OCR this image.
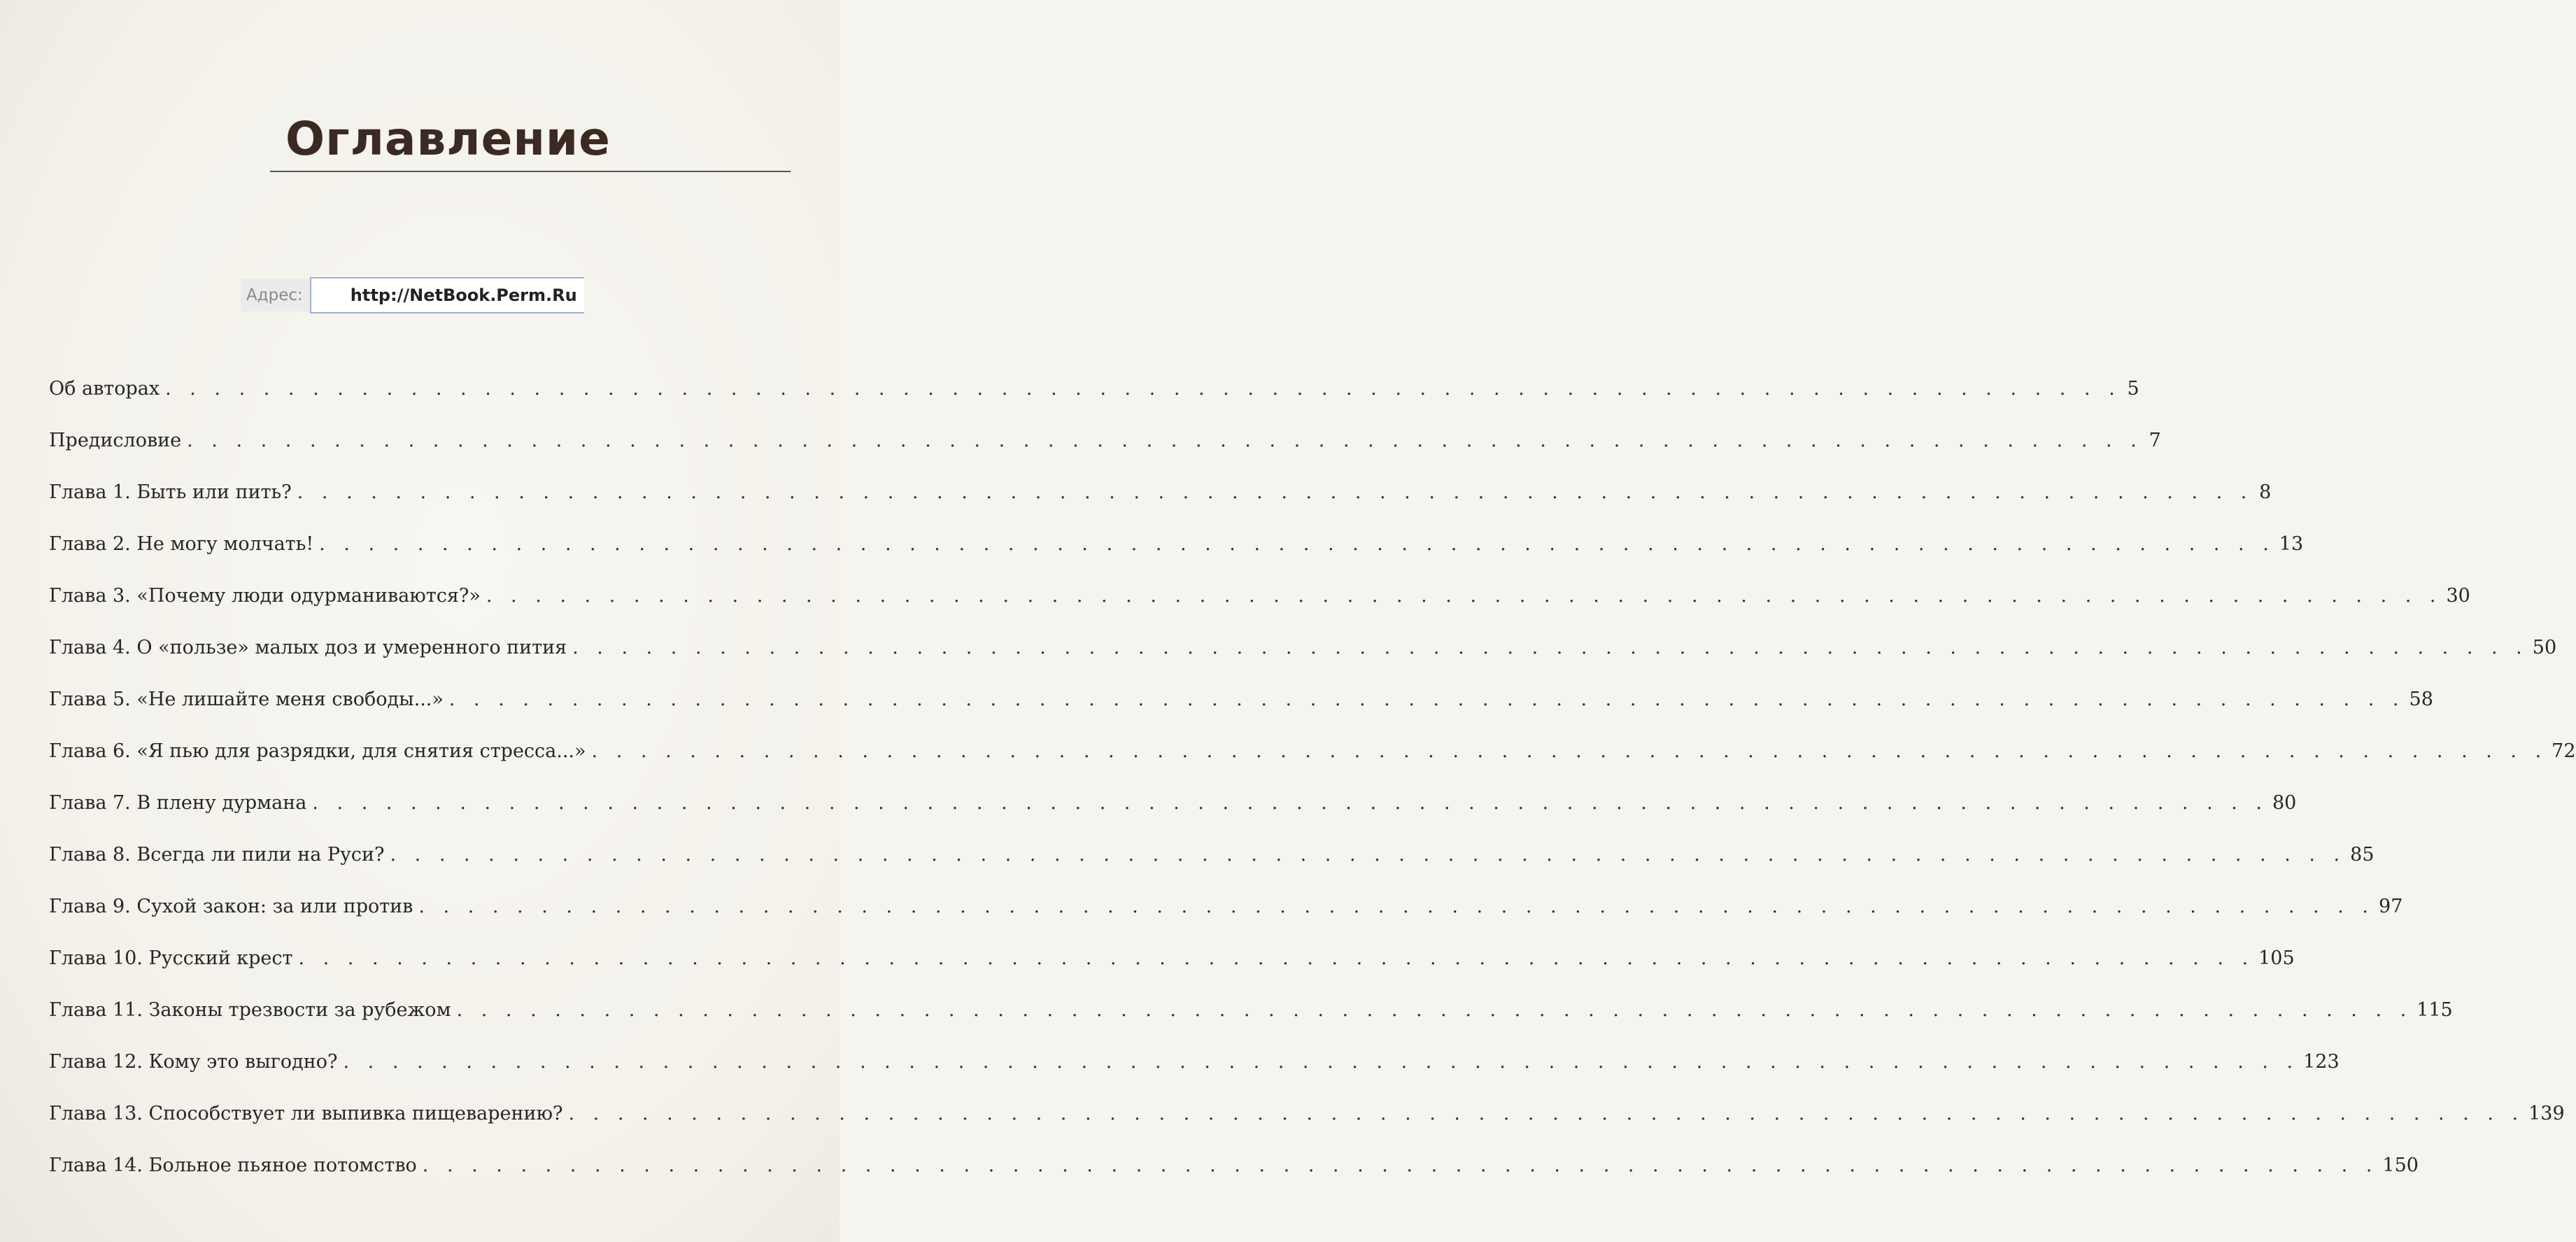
Оглавление
Адрес:	http://NetBook.Perm.Ru
Об авторах . . . . . . . . . . . . . . . . . . . . . . . . . . . . . . . . . . . . . . . . . . . . . . . . . . . . . . . . . . . . . . . . . . . . . . . . . . . . . . . . 5
Предисловие . . . . . . . . . . . . . . . . . . . . . . . . . . . . . . . . . . . . . . . . . . . . . . . . . . . . . . . . . . . . . . . . . . . . . . . . . . . . . . . . 7
Глава 1. Быть или пить? . . . . . . . . . . . . . . . . . . . . . . . . . . . . . . . . . . . . . . . . . . . . . . . . . . . . . . . . . . . . . . . . . . . . . . . . . . . . . . . . 8
Глава 2. Не могу молчать! . . . . . . . . . . . . . . . . . . . . . . . . . . . . . . . . . . . . . . . . . . . . . . . . . . . . . . . . . . . . . . . . . . . . . . . . . . . . . . . . 13
Глава 3. «Почему люди одурманиваются?» . . . . . . . . . . . . . . . . . . . . . . . . . . . . . . . . . . . . . . . . . . . . . . . . . . . . . . . . . . . . . . . . . . . . . . . . . . . . . . . . 30
Глава 4. О «пользе» малых доз и умеренного пития . . . . . . . . . . . . . . . . . . . . . . . . . . . . . . . . . . . . . . . . . . . . . . . . . . . . . . . . . . . . . . . . . . . . . . . . . . . . . . . . 50
Глава 5. «Не лишайте меня свободы...» . . . . . . . . . . . . . . . . . . . . . . . . . . . . . . . . . . . . . . . . . . . . . . . . . . . . . . . . . . . . . . . . . . . . . . . . . . . . . . . . 58
Глава 6. «Я пью для разрядки, для снятия стресса...» . . . . . . . . . . . . . . . . . . . . . . . . . . . . . . . . . . . . . . . . . . . . . . . . . . . . . . . . . . . . . . . . . . . . . . . . . . . . . . . . 72
Глава 7. В плену дурмана . . . . . . . . . . . . . . . . . . . . . . . . . . . . . . . . . . . . . . . . . . . . . . . . . . . . . . . . . . . . . . . . . . . . . . . . . . . . . . . . 80
Глава 8. Всегда ли пили на Руси? . . . . . . . . . . . . . . . . . . . . . . . . . . . . . . . . . . . . . . . . . . . . . . . . . . . . . . . . . . . . . . . . . . . . . . . . . . . . . . . . 85
Глава 9. Сухой закон: за или против . . . . . . . . . . . . . . . . . . . . . . . . . . . . . . . . . . . . . . . . . . . . . . . . . . . . . . . . . . . . . . . . . . . . . . . . . . . . . . . . 97
Глава 10. Русский крест . . . . . . . . . . . . . . . . . . . . . . . . . . . . . . . . . . . . . . . . . . . . . . . . . . . . . . . . . . . . . . . . . . . . . . . . . . . . . . . . 105
Глава 11. Законы трезвости за рубежом . . . . . . . . . . . . . . . . . . . . . . . . . . . . . . . . . . . . . . . . . . . . . . . . . . . . . . . . . . . . . . . . . . . . . . . . . . . . . . . . 115
Глава 12. Кому это выгодно? . . . . . . . . . . . . . . . . . . . . . . . . . . . . . . . . . . . . . . . . . . . . . . . . . . . . . . . . . . . . . . . . . . . . . . . . . . . . . . . . 123
Глава 13. Способствует ли выпивка пищеварению? . . . . . . . . . . . . . . . . . . . . . . . . . . . . . . . . . . . . . . . . . . . . . . . . . . . . . . . . . . . . . . . . . . . . . . . . . . . . . . . . 139
Глава 14. Больное пьяное потомство . . . . . . . . . . . . . . . . . . . . . . . . . . . . . . . . . . . . . . . . . . . . . . . . . . . . . . . . . . . . . . . . . . . . . . . . . . . . . . . . 150
